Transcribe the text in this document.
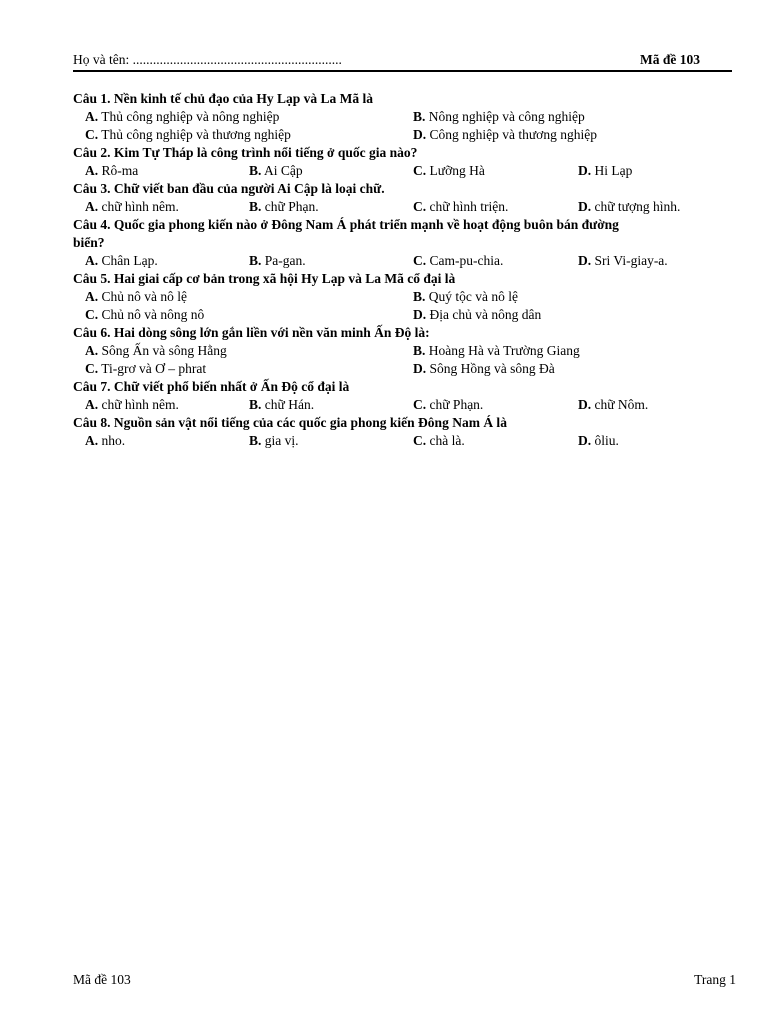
Họ và tên: ..............................................................	Mã đề 103

Câu 1. Nền kinh tế chủ đạo của Hy Lạp và La Mã là

A. Thủ công nghiệp và nông nghiệp	B. Nông nghiệp và công nghiệp
C. Thủ công nghiệp và thương nghiệp	D. Công nghiệp và thương nghiệp

Câu 2. Kim Tự Tháp là công trình nổi tiếng ở quốc gia nào?

A. Rô-ma	B. Ai Cập	C. Lưỡng Hà	D. Hi Lạp

Câu 3. Chữ viết ban đầu của người Ai Cập là loại chữ.

A. chữ hình nêm.	B. chữ Phạn.	C. chữ hình triện.	D. chữ tượng hình.

Câu 4. Quốc gia phong kiến nào ở Đông Nam Á phát triển mạnh về hoạt động buôn bán đường

biển?

A. Chân Lạp.	B. Pa-gan.	C. Cam-pu-chia.	D. Sri Vi-giay-a.

Câu 5. Hai giai cấp cơ bản trong xã hội Hy Lạp và La Mã cổ đại là

A. Chủ nô và nô lệ	B. Quý tộc và nô lệ
C. Chủ nô và nông nô	D. Địa chủ và nông dân

Câu 6. Hai dòng sông lớn gắn liền với nền văn minh Ấn Độ là:

A. Sông Ấn và sông Hằng	B. Hoàng Hà và Trường Giang
C. Ti-grơ và Ơ – phrat	D. Sông Hồng và sông Đà

Câu 7. Chữ viết phổ biến nhất ở Ấn Độ cổ đại là

A. chữ hình nêm.	B. chữ Hán.	C. chữ Phạn.	D. chữ Nôm.

Câu 8. Nguồn sản vật nổi tiếng của các quốc gia phong kiến Đông Nam Á là

A. nho.	B. gia vị.	C. chà là.	D. ôliu.
Mã đề 103	Trang 1
